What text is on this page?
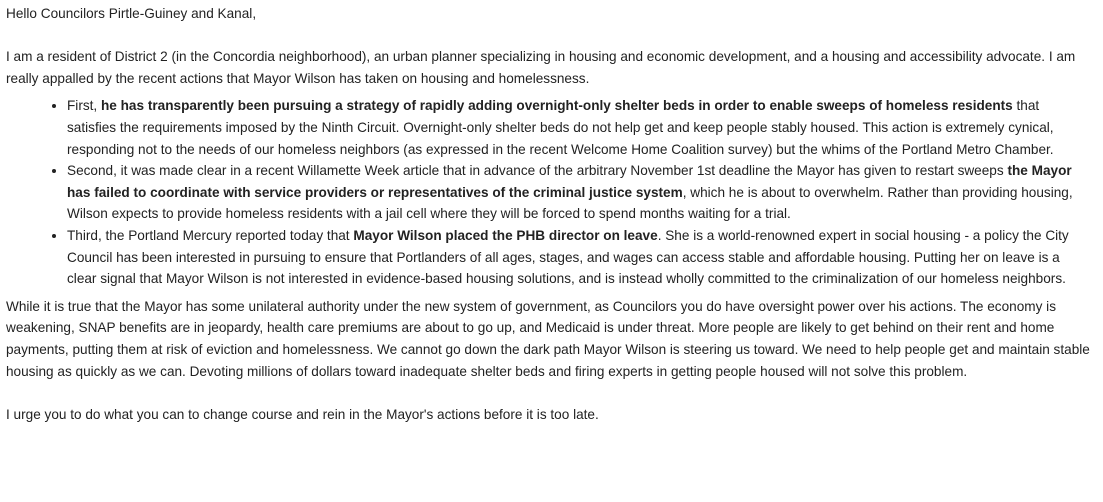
Hello Councilors Pirtle-Guiney and Kanal,

I am a resident of District 2 (in the Concordia neighborhood), an urban planner specializing in housing and economic development, and a housing and accessibility advocate. I am really appalled by the recent actions that Mayor Wilson has taken on housing and homelessness.

• First, he has transparently been pursuing a strategy of rapidly adding overnight-only shelter beds in order to enable sweeps of homeless residents that satisfies the requirements imposed by the Ninth Circuit. Overnight-only shelter beds do not help get and keep people stably housed. This action is extremely cynical, responding not to the needs of our homeless neighbors (as expressed in the recent Welcome Home Coalition survey) but the whims of the Portland Metro Chamber.
• Second, it was made clear in a recent Willamette Week article that in advance of the arbitrary November 1st deadline the Mayor has given to restart sweeps the Mayor has failed to coordinate with service providers or representatives of the criminal justice system, which he is about to overwhelm. Rather than providing housing, Wilson expects to provide homeless residents with a jail cell where they will be forced to spend months waiting for a trial.
• Third, the Portland Mercury reported today that Mayor Wilson placed the PHB director on leave. She is a world-renowned expert in social housing - a policy the City Council has been interested in pursuing to ensure that Portlanders of all ages, stages, and wages can access stable and affordable housing. Putting her on leave is a clear signal that Mayor Wilson is not interested in evidence-based housing solutions, and is instead wholly committed to the criminalization of our homeless neighbors.

While it is true that the Mayor has some unilateral authority under the new system of government, as Councilors you do have oversight power over his actions. The economy is weakening, SNAP benefits are in jeopardy, health care premiums are about to go up, and Medicaid is under threat. More people are likely to get behind on their rent and home payments, putting them at risk of eviction and homelessness. We cannot go down the dark path Mayor Wilson is steering us toward. We need to help people get and maintain stable housing as quickly as we can. Devoting millions of dollars toward inadequate shelter beds and firing experts in getting people housed will not solve this problem.

I urge you to do what you can to change course and rein in the Mayor's actions before it is too late.
